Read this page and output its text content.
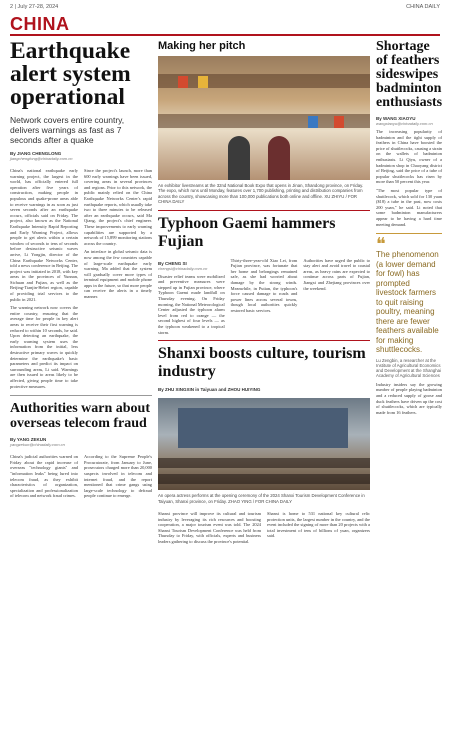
2 | July 27-28, 2024	CHINA DAILY
CHINA
Earthquake alert system operational
Network covers entire country, delivers warnings as fast as 7 seconds after a quake
By JIANG CHENGLONG
jiangchenglong@chinadaily.com.cn

China's national earthquake early warning project, the largest in the world, has officially entered full operation after five years of construction, making people in populous and quake-prone areas able to receive warnings in as soon as just seven seconds after an earthquake occurs, officials said on Friday. The project, also known as the National Earthquake Intensity Rapid Reporting and Early Warning Project, allows people to get alerts within a certain window of seconds to tens of seconds before destructive seismic waves arrive, Li Yongjin, director of the China Earthquake Networks Center, told a news conference in Beijing. The project was initiated in 2018, with key areas in the provinces of Yunnan, Sichuan and Fujian, as well as the Beijing-Tianjin-Hebei region, capable of providing trial services to the public in 2021.

The warning network now covers the entire country, ensuring that the average time for people in key alert areas to receive their first warning is reduced to within 10 seconds, he said. Upon detecting an earthquake, the early warning system uses the information from the initial, less destructive primary waves to quickly determine the earthquake's basic parameters and predict its impact on surrounding areas, Li said. Warnings are then issued to areas likely to be affected, giving people time to take protective measures.

Since the project's launch, more than 600 early warnings have been issued, covering areas in several provinces and regions. Prior to this network, the public mainly relied on the China Earthquake Networks Center's rapid earthquake reports, which usually take two to three minutes to be released after an earthquake occurs, said Ma Qiang, the project's chief engineer. These improvements to early warning capabilities are supported by a network of 15,899 monitoring stations across the country.

An interface in global seismic data is now among the few countries capable of large-scale earthquake early warning. Ma added that the system will gradually cover more types of terminal equipment and mobile phone apps in the future, so that more people can receive the alerts in a timely manner.

Authorities warn about overseas telecom fraud
By YANG ZEKUN
yangzekun@chinadaily.com.cn

China's judicial authorities warned on Friday about the rapid increase of overseas "technology giants" and "information leaks" being lured into telecom fraud, as they exhibit characteristics of organization, specialization and professionalization of telecom and network fraud crimes.

According to the Supreme People's Procuratorate, from January to June, prosecutors charged more than 20,000 suspects involved in telecom and internet fraud, and the report mentioned that crime gangs using large-scale technology to defraud people continue to emerge.

Making her pitch
An exhibitor livestreams at the 32nd National Book Expo that opens in Jinan, Shandong province, on Friday. The expo, which runs until Monday, features over 1,700 publishing, printing and distribution companies from across the country, showcasing more than 100,000 publications both online and offline. XU ZHIYU / FOR CHINA DAILY
Typhoon Gaemi hammers Fujian
By CHENG SI
chengsi@chinadaily.com.cn

Disaster relief teams were mobilized and preventive measures were stepped up in Fujian province, where Typhoon Gaemi made landfall on Thursday evening. On Friday morning, the National Meteorological Center adjusted the typhoon alarm level from red to orange — the second highest of four levels — as the typhoon weakened to a tropical storm.

Thirty-three-year-old Xiao Lei, from Fujian province, was fortunate that her home and belongings remained safe, as she had worried about damage by the strong winds. Meanwhile, in Putian, the typhoon's force caused damage to roads and power lines across several towns, though local authorities quickly restored basic services.

Authorities have urged the public to stay alert and avoid travel to coastal areas, as heavy rains are expected to continue across parts of Fujian, Jiangxi and Zhejiang provinces over the weekend.

Shanxi boosts culture, tourism industry
By ZHU XINGXIN in Taiyuan and ZHOU HUIYING
An opera actress performs at the opening ceremony of the 2024 Shanxi Tourism Development Conference in Taiyuan, Shanxi province, on Friday. ZHAO YING / FOR CHINA DAILY

Shanxi province will improve its cultural and tourism industry by leveraging its rich resources and boosting cooperation, a major tourism event was told. The 2024 Shanxi Tourism Development Conference was held from Thursday to Friday, with officials, experts and business leaders gathering to discuss the province's potential.

Shanxi is home to 531 national key cultural relic protection units, the largest number in the country, and the event included the signing of more than 20 projects with a total investment of tens of billions of yuan, organizers said.

Shortage of feathers sideswipes badminton enthusiasts
By WANG XIAOYU
wangxiaoyu@chinadaily.com.cn

The increasing popularity of badminton and the tight supply of feathers in China have boosted the price of shuttlecocks, causing a strain on the wallets of badminton enthusiasts. Li Qiyu, owner of a badminton shop in Chaoyang district of Beijing, said the price of a tube of popular shuttlecocks has risen by more than 50 percent this year.

"The most popular type of shuttlecock, which sold for 130 yuan ($18) a tube in the past, now costs 200 yuan," he said. Li noted that some badminton manufacturers appear to be having a hard time meeting demand.

❝
The phenomenon (a lower demand for fowl) has prompted livestock farmers to quit raising poultry, meaning there are fewer feathers available for making shuttlecocks.
Lu Zengbin, a researcher at the Institute of Agricultural Economics and Development at the Shanghai Academy of Agricultural Sciences

Industry insiders say the growing number of people playing badminton and a reduced supply of goose and duck feathers have driven up the cost of shuttlecocks, which are typically made from 16 feathers.
